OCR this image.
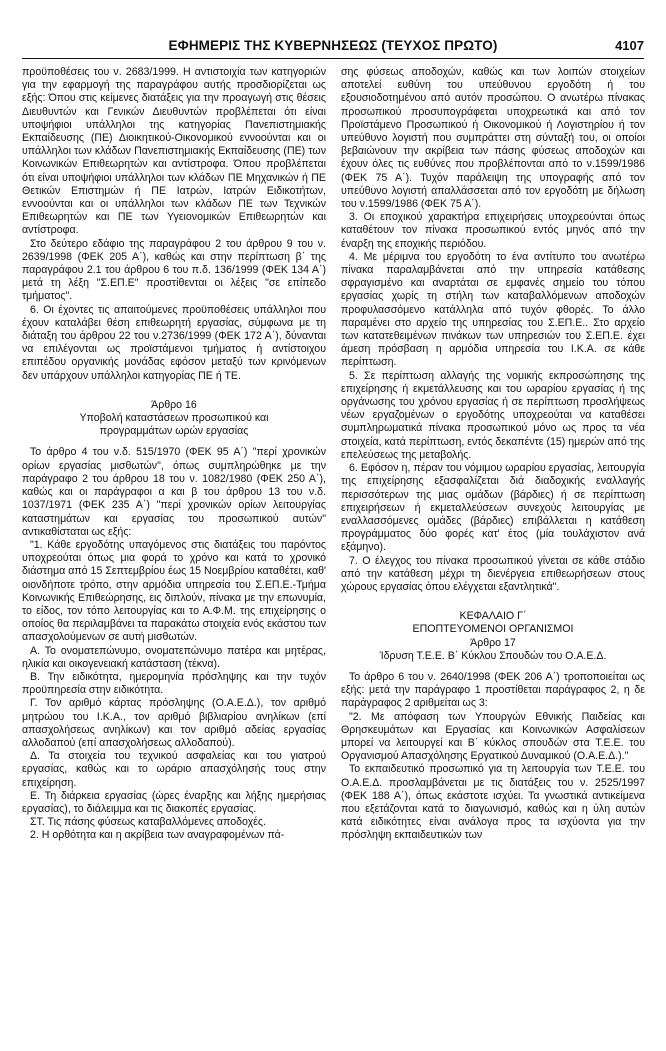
ΕΦΗΜΕΡΙΣ ΤΗΣ ΚΥΒΕΡΝΗΣΕΩΣ (ΤΕΥΧΟΣ ΠΡΩΤΟ)	4107

προϋποθέσεις του ν. 2683/1999. Η αντιστοιχία των κατηγοριών για την εφαρμογή της παραγράφου αυτής προσδιορίζεται ως εξής: Όπου στις κείμενες διατάξεις για την προαγωγή στις θέσεις Διευθυντών και Γενικών Διευθυντών προβλέπεται ότι είναι υποψήφιοι υπάλληλοι της κατηγορίας Πανεπιστημιακής Εκπαίδευσης (ΠΕ) Διοικητικού-Οικονομικού εννοούνται και οι υπάλληλοι των κλάδων Πανεπιστημιακής Εκπαίδευσης (ΠΕ) των Κοινωνικών Επιθεωρητών και αντίστροφα. Όπου προβλέπεται ότι είναι υποψήφιοι υπάλληλοι των κλάδων ΠΕ Μηχανικών ή ΠΕ Θετικών Επιστημών ή ΠΕ Ιατρών, Ιατρών Ειδικοτήτων, εννοούνται και οι υπάλληλοι των κλάδων ΠΕ των Τεχνικών Επιθεωρητών και ΠΕ των Υγειονομικών Επιθεωρητών και αντίστροφα.

Στο δεύτερο εδάφιο της παραγράφου 2 του άρθρου 9 του ν. 2639/1998 (ΦΕΚ 205 Α΄), καθώς και στην περίπτωση β΄ της παραγράφου 2.1 του άρθρου 6 του π.δ. 136/1999 (ΦΕΚ 134 Α΄) μετά τη λέξη "Σ.ΕΠ.Ε" προστίθενται οι λέξεις "σε επίπεδο τμήματος".

6. Οι έχοντες τις απαιτούμενες προϋποθέσεις υπάλληλοι που έχουν καταλάβει θέση επιθεωρητή εργασίας, σύμφωνα με τη διάταξη του άρθρου 22 του ν.2736/1999 (ΦΕΚ 172 Α΄), δύνανται να επιλέγονται ως προϊστάμενοι τμήματος ή αντίστοιχου επιπέδου οργανικής μονάδας εφόσον μεταξύ των κρινόμενων δεν υπάρχουν υπάλληλοι κατηγορίας ΠΕ ή ΤΕ.

Άρθρο 16

Υποβολή καταστάσεων προσωπικού και

προγραμμάτων ωρών εργασίας

Το άρθρο 4 του ν.δ. 515/1970 (ΦΕΚ 95 Α΄) "περί χρονικών ορίων εργασίας μισθωτών", όπως συμπληρώθηκε με την παράγραφο 2 του άρθρου 18 του ν. 1082/1980 (ΦΕΚ 250 Α΄), καθώς και οι παράγραφοι α και β του άρθρου 13 του ν.δ. 1037/1971 (ΦΕΚ 235 Α΄) "περί χρονικών ορίων λειτουργίας καταστημάτων και εργασίας του προσωπικού αυτών" αντικαθίσταται ως εξής:

"1. Κάθε εργοδότης υπαγόμενος στις διατάξεις του παρόντος υποχρεούται όπως μια φορά το χρόνο και κατά το χρονικό διάστημα από 15 Σεπτεμβρίου έως 15 Νοεμβρίου καταθέτει, καθ' οιονδήποτε τρόπο, στην αρμόδια υπηρεσία του Σ.ΕΠ.Ε.-Τμήμα Κοινωνικής Επιθεώρησης, εις διπλούν, πίνακα με την επωνυμία, το είδος, τον τόπο λειτουργίας και το Α.Φ.Μ. της επιχείρησης ο οποίος θα περιλαμβάνει τα παρακάτω στοιχεία ενός εκάστου των απασχολούμενων σε αυτή μισθωτών.

Α. Το ονοματεπώνυμο, ονοματεπώνυμο πατέρα και μητέρας, ηλικία και οικογενειακή κατάσταση (τέκνα).

Β. Την ειδικότητα, ημερομηνία πρόσληψης και την τυχόν προϋπηρεσία στην ειδικότητα.

Γ. Τον αριθμό κάρτας πρόσληψης (Ο.Α.Ε.Δ.), τον αριθμό μητρώου του Ι.Κ.Α., τον αριθμό βιβλιαρίου ανηλίκων (επί απασχολήσεως ανηλίκων) και τον αριθμό αδείας εργασίας αλλοδαπού (επί απασχολήσεως αλλοδαπού).

Δ. Τα στοιχεία του τεχνικού ασφαλείας και του γιατρού εργασίας, καθώς και το ωράριο απασχόλησής τους στην επιχείρηση.

Ε. Τη διάρκεια εργασίας (ώρες έναρξης και λήξης ημερήσιας εργασίας), το διάλειμμα και τις διακοπές εργασίας.

ΣΤ. Τις πάσης φύσεως καταβαλλόμενες αποδοχές.

2. Η ορθότητα και η ακρίβεια των αναγραφομένων πά-

σης φύσεως αποδοχών, καθώς και των λοιπών στοιχείων αποτελεί ευθύνη του υπεύθυνου εργοδότη ή του εξουσιοδοτημένου από αυτόν προσώπου. Ο ανωτέρω πίνακας προσωπικού προσυπογράφεται υποχρεωτικά και από τον Προϊστάμενο Προσωπικού ή Οικονομικού ή Λογιστηρίου ή τον υπεύθυνο λογιστή που συμπράττει στη σύνταξή του, οι οποίοι βεβαιώνουν την ακρίβεια των πάσης φύσεως αποδοχών και έχουν όλες τις ευθύνες που προβλέπονται από το ν.1599/1986 (ΦΕΚ 75 Α΄). Τυχόν παράλειψη της υπογραφής από τον υπεύθυνο λογιστή απαλλάσσεται από τον εργοδότη με δήλωση του ν.1599/1986 (ΦΕΚ 75 Α΄).

3. Οι εποχικού χαρακτήρα επιχειρήσεις υποχρεούνται όπως καταθέτουν τον πίνακα προσωπικού εντός μηνός από την έναρξη της εποχικής περιόδου.

4. Με μέριμνα του εργοδότη το ένα αντίτυπο του ανωτέρω πίνακα παραλαμβάνεται από την υπηρεσία κατάθεσης σφραγισμένο και αναρτάται σε εμφανές σημείο του τόπου εργασίας χωρίς τη στήλη των καταβαλλόμενων αποδοχών προφυλασσόμενο κατάλληλα από τυχόν φθορές. Το άλλο παραμένει στο αρχείο της υπηρεσίας του Σ.ΕΠ.Ε.. Στο αρχείο των κατατεθειμένων πινάκων των υπηρεσιών του Σ.ΕΠ.Ε. έχει άμεση πρόσβαση η αρμόδια υπηρεσία του Ι.Κ.Α. σε κάθε περίπτωση.

5. Σε περίπτωση αλλαγής της νομικής εκπροσώπησης της επιχείρησης ή εκμετάλλευσης και του ωραρίου εργασίας ή της οργάνωσης του χρόνου εργασίας ή σε περίπτωση προσλήψεως νέων εργαζομένων ο εργοδότης υποχρεούται να καταθέσει συμπληρωματικά πίνακα προσωπικού μόνο ως προς τα νέα στοιχεία, κατά περίπτωση, εντός δεκαπέντε (15) ημερών από της επελεύσεως της μεταβολής.

6. Εφόσον η, πέραν του νόμιμου ωραρίου εργασίας, λειτουργία της επιχείρησης εξασφαλίζεται διά διαδοχικής εναλλαγής περισσότερων της μιας ομάδων (βάρδιες) ή σε περίπτωση επιχειρήσεων ή εκμεταλλεύσεων συνεχούς λειτουργίας με εναλλασσόμενες ομάδες (βάρδιες) επιβάλλεται η κατάθεση προγράμματος δύο φορές κατ' έτος (μία τουλάχιστον ανά εξάμηνο).

7. Ο έλεγχος του πίνακα προσωπικού γίνεται σε κάθε στάδιο από την κατάθεση μέχρι τη διενέργεια επιθεωρήσεων στους χώρους εργασίας όπου ελέγχεται εξαντλητικά".

ΚΕΦΑΛΑΙΟ Γ΄

ΕΠΟΠΤΕΥΟΜΕΝΟΙ ΟΡΓΑΝΙΣΜΟΙ

Άρθρο 17

Ίδρυση Τ.Ε.Ε. Β΄ Κύκλου Σπουδών του Ο.Α.Ε.Δ.

Το άρθρο 6 του ν. 2640/1998 (ΦΕΚ 206 Α΄) τροποποιείται ως εξής: μετά την παράγραφο 1 προστίθεται παράγραφος 2, η δε παράγραφος 2 αριθμείται ως 3:

"2. Με απόφαση των Υπουργών Εθνικής Παιδείας και Θρησκευμάτων και Εργασίας και Κοινωνικών Ασφαλίσεων μπορεί να λειτουργεί και Β΄ κύκλος σπουδών στα Τ.Ε.Ε. του Οργανισμού Απασχόλησης Εργατικού Δυναμικού (Ο.Α.Ε.Δ.)."

Το εκπαιδευτικό προσωπικό για τη λειτουργία των Τ.Ε.Ε. του Ο.Α.Ε.Δ. προσλαμβάνεται με τις διατάξεις του ν. 2525/1997 (ΦΕΚ 188 Α΄), όπως εκάστοτε ισχύει. Τα γνωστικά αντικείμενα που εξετάζονται κατά το διαγωνισμό, καθώς και η ύλη αυτών κατά ειδικότητες είναι ανάλογα προς τα ισχύοντα για την πρόσληψη εκπαιδευτικών των
